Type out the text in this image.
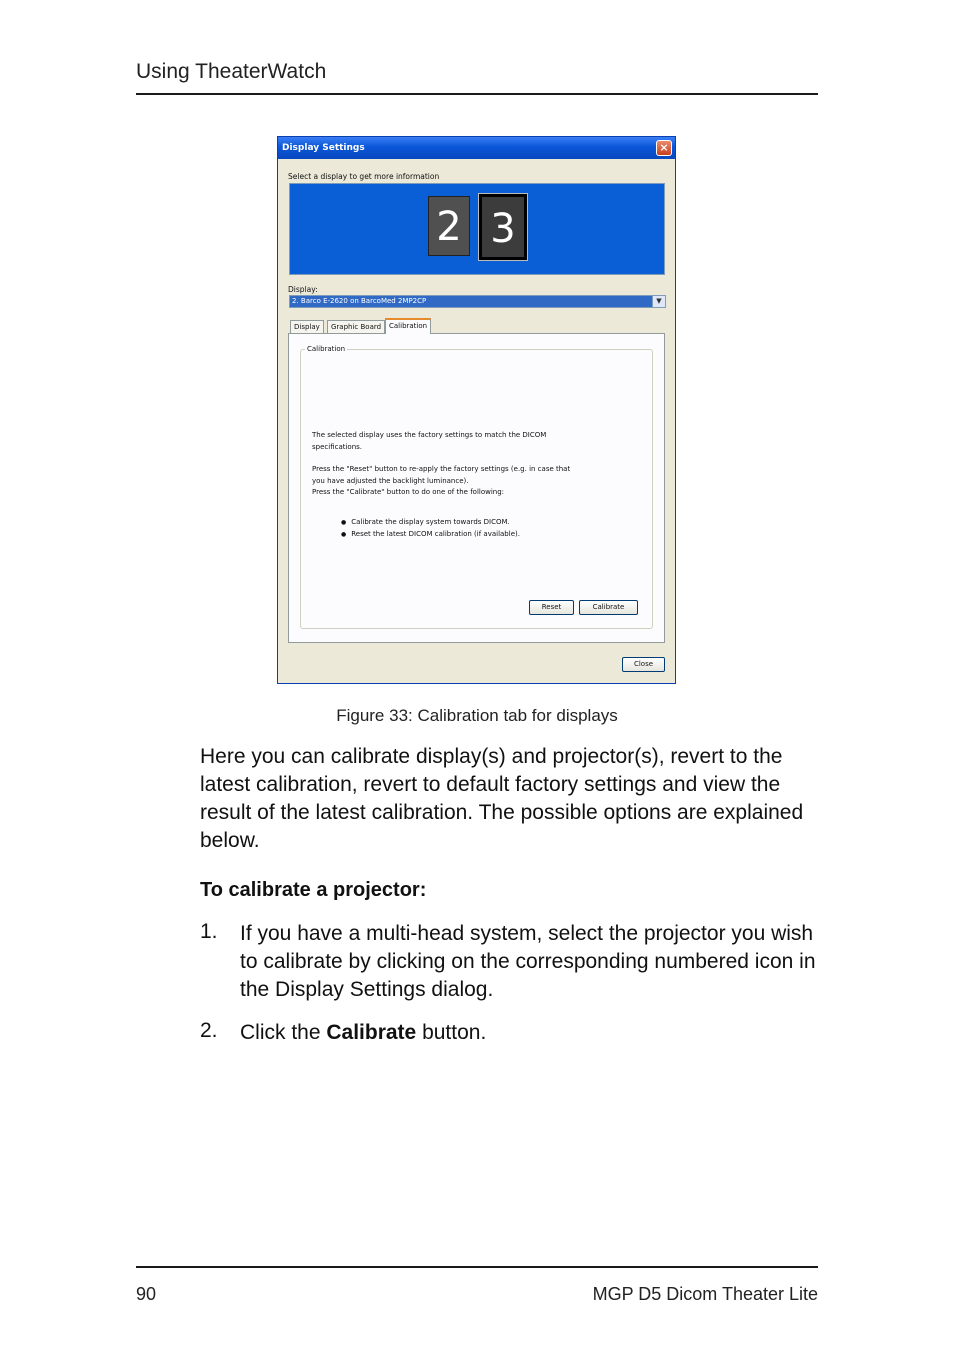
Using TheaterWatch
Display Settings	×
Select a display to get more information
2 3
Display:
2. Barco E-2620 on BarcoMed 2MP2CP	▼
Display	Graphic Board	Calibration
Calibration
The selected display uses the factory settings to match the DICOM specifications.
Press the "Reset" button to re-apply the factory settings (e.g. in case that you have adjusted the backlight luminance).
Press the "Calibrate" button to do one of the following:
● Calibrate the display system towards DICOM.
● Reset the latest DICOM calibration (if available).
Reset	Calibrate
Close
Figure 33: Calibration tab for displays
Here you can calibrate display(s) and projector(s), revert to the latest calibration, revert to default factory settings and view the result of the latest calibration. The possible options are explained below.
To calibrate a projector:
1. If you have a multi-head system, select the projector you wish to calibrate by clicking on the corresponding numbered icon in the Display Settings dialog.
2. Click the Calibrate button.
90	MGP D5 Dicom Theater Lite
